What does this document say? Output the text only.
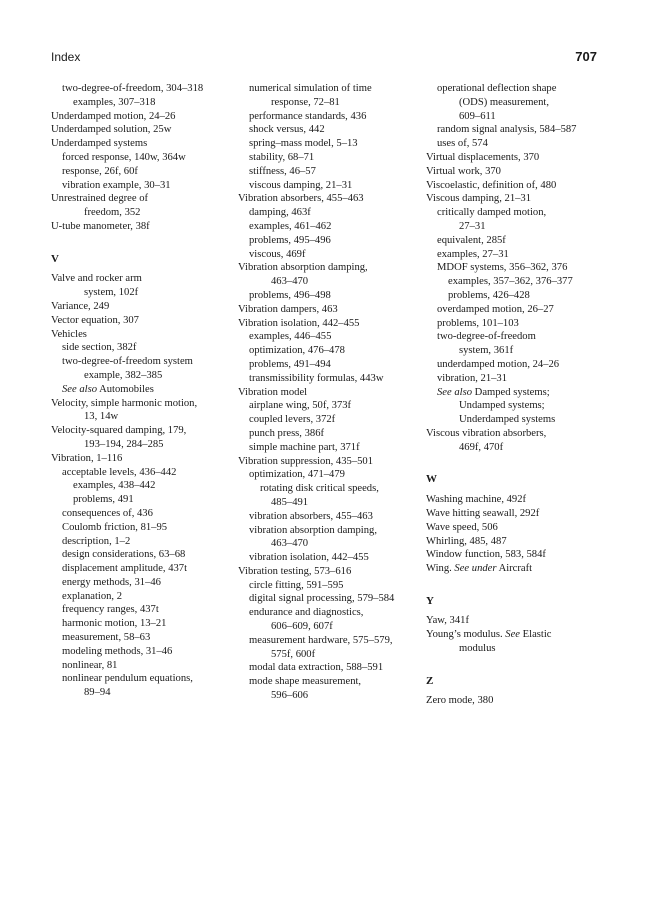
Index	707
two-degree-of-freedom, 304–318
examples, 307–318
Underdamped motion, 24–26
Underdamped solution, 25w
Underdamped systems
forced response, 140w, 364w
response, 26f, 60f
vibration example, 30–31
Unrestrained degree of
freedom, 352
U-tube manometer, 38f
V
Valve and rocker arm
system, 102f
Variance, 249
Vector equation, 307
Vehicles
side section, 382f
two-degree-of-freedom system
example, 382–385
See also Automobiles
Velocity, simple harmonic motion,
13, 14w
Velocity-squared damping, 179,
193–194, 284–285
Vibration, 1–116
acceptable levels, 436–442
examples, 438–442
problems, 491
consequences of, 436
Coulomb friction, 81–95
description, 1–2
design considerations, 63–68
displacement amplitude, 437t
energy methods, 31–46
explanation, 2
frequency ranges, 437t
harmonic motion, 13–21
measurement, 58–63
modeling methods, 31–46
nonlinear, 81
nonlinear pendulum equations,
89–94
numerical simulation of time
response, 72–81
performance standards, 436
shock versus, 442
spring–mass model, 5–13
stability, 68–71
stiffness, 46–57
viscous damping, 21–31
Vibration absorbers, 455–463
damping, 463f
examples, 461–462
problems, 495–496
viscous, 469f
Vibration absorption damping,
463–470
problems, 496–498
Vibration dampers, 463
Vibration isolation, 442–455
examples, 446–455
optimization, 476–478
problems, 491–494
transmissibility formulas, 443w
Vibration model
airplane wing, 50f, 373f
coupled levers, 372f
punch press, 386f
simple machine part, 371f
Vibration suppression, 435–501
optimization, 471–479
rotating disk critical speeds,
485–491
vibration absorbers, 455–463
vibration absorption damping,
463–470
vibration isolation, 442–455
Vibration testing, 573–616
circle fitting, 591–595
digital signal processing, 579–584
endurance and diagnostics,
606–609, 607f
measurement hardware, 575–579,
575f, 600f
modal data extraction, 588–591
mode shape measurement,
596–606
operational deflection shape
(ODS) measurement,
609–611
random signal analysis, 584–587
uses of, 574
Virtual displacements, 370
Virtual work, 370
Viscoelastic, definition of, 480
Viscous damping, 21–31
critically damped motion,
27–31
equivalent, 285f
examples, 27–31
MDOF systems, 356–362, 376
examples, 357–362, 376–377
problems, 426–428
overdamped motion, 26–27
problems, 101–103
two-degree-of-freedom
system, 361f
underdamped motion, 24–26
vibration, 21–31
See also Damped systems;
Undamped systems;
Underdamped systems
Viscous vibration absorbers,
469f, 470f
W
Washing machine, 492f
Wave hitting seawall, 292f
Wave speed, 506
Whirling, 485, 487
Window function, 583, 584f
Wing. See under Aircraft
Y
Yaw, 341f
Young’s modulus. See Elastic
modulus
Z
Zero mode, 380
